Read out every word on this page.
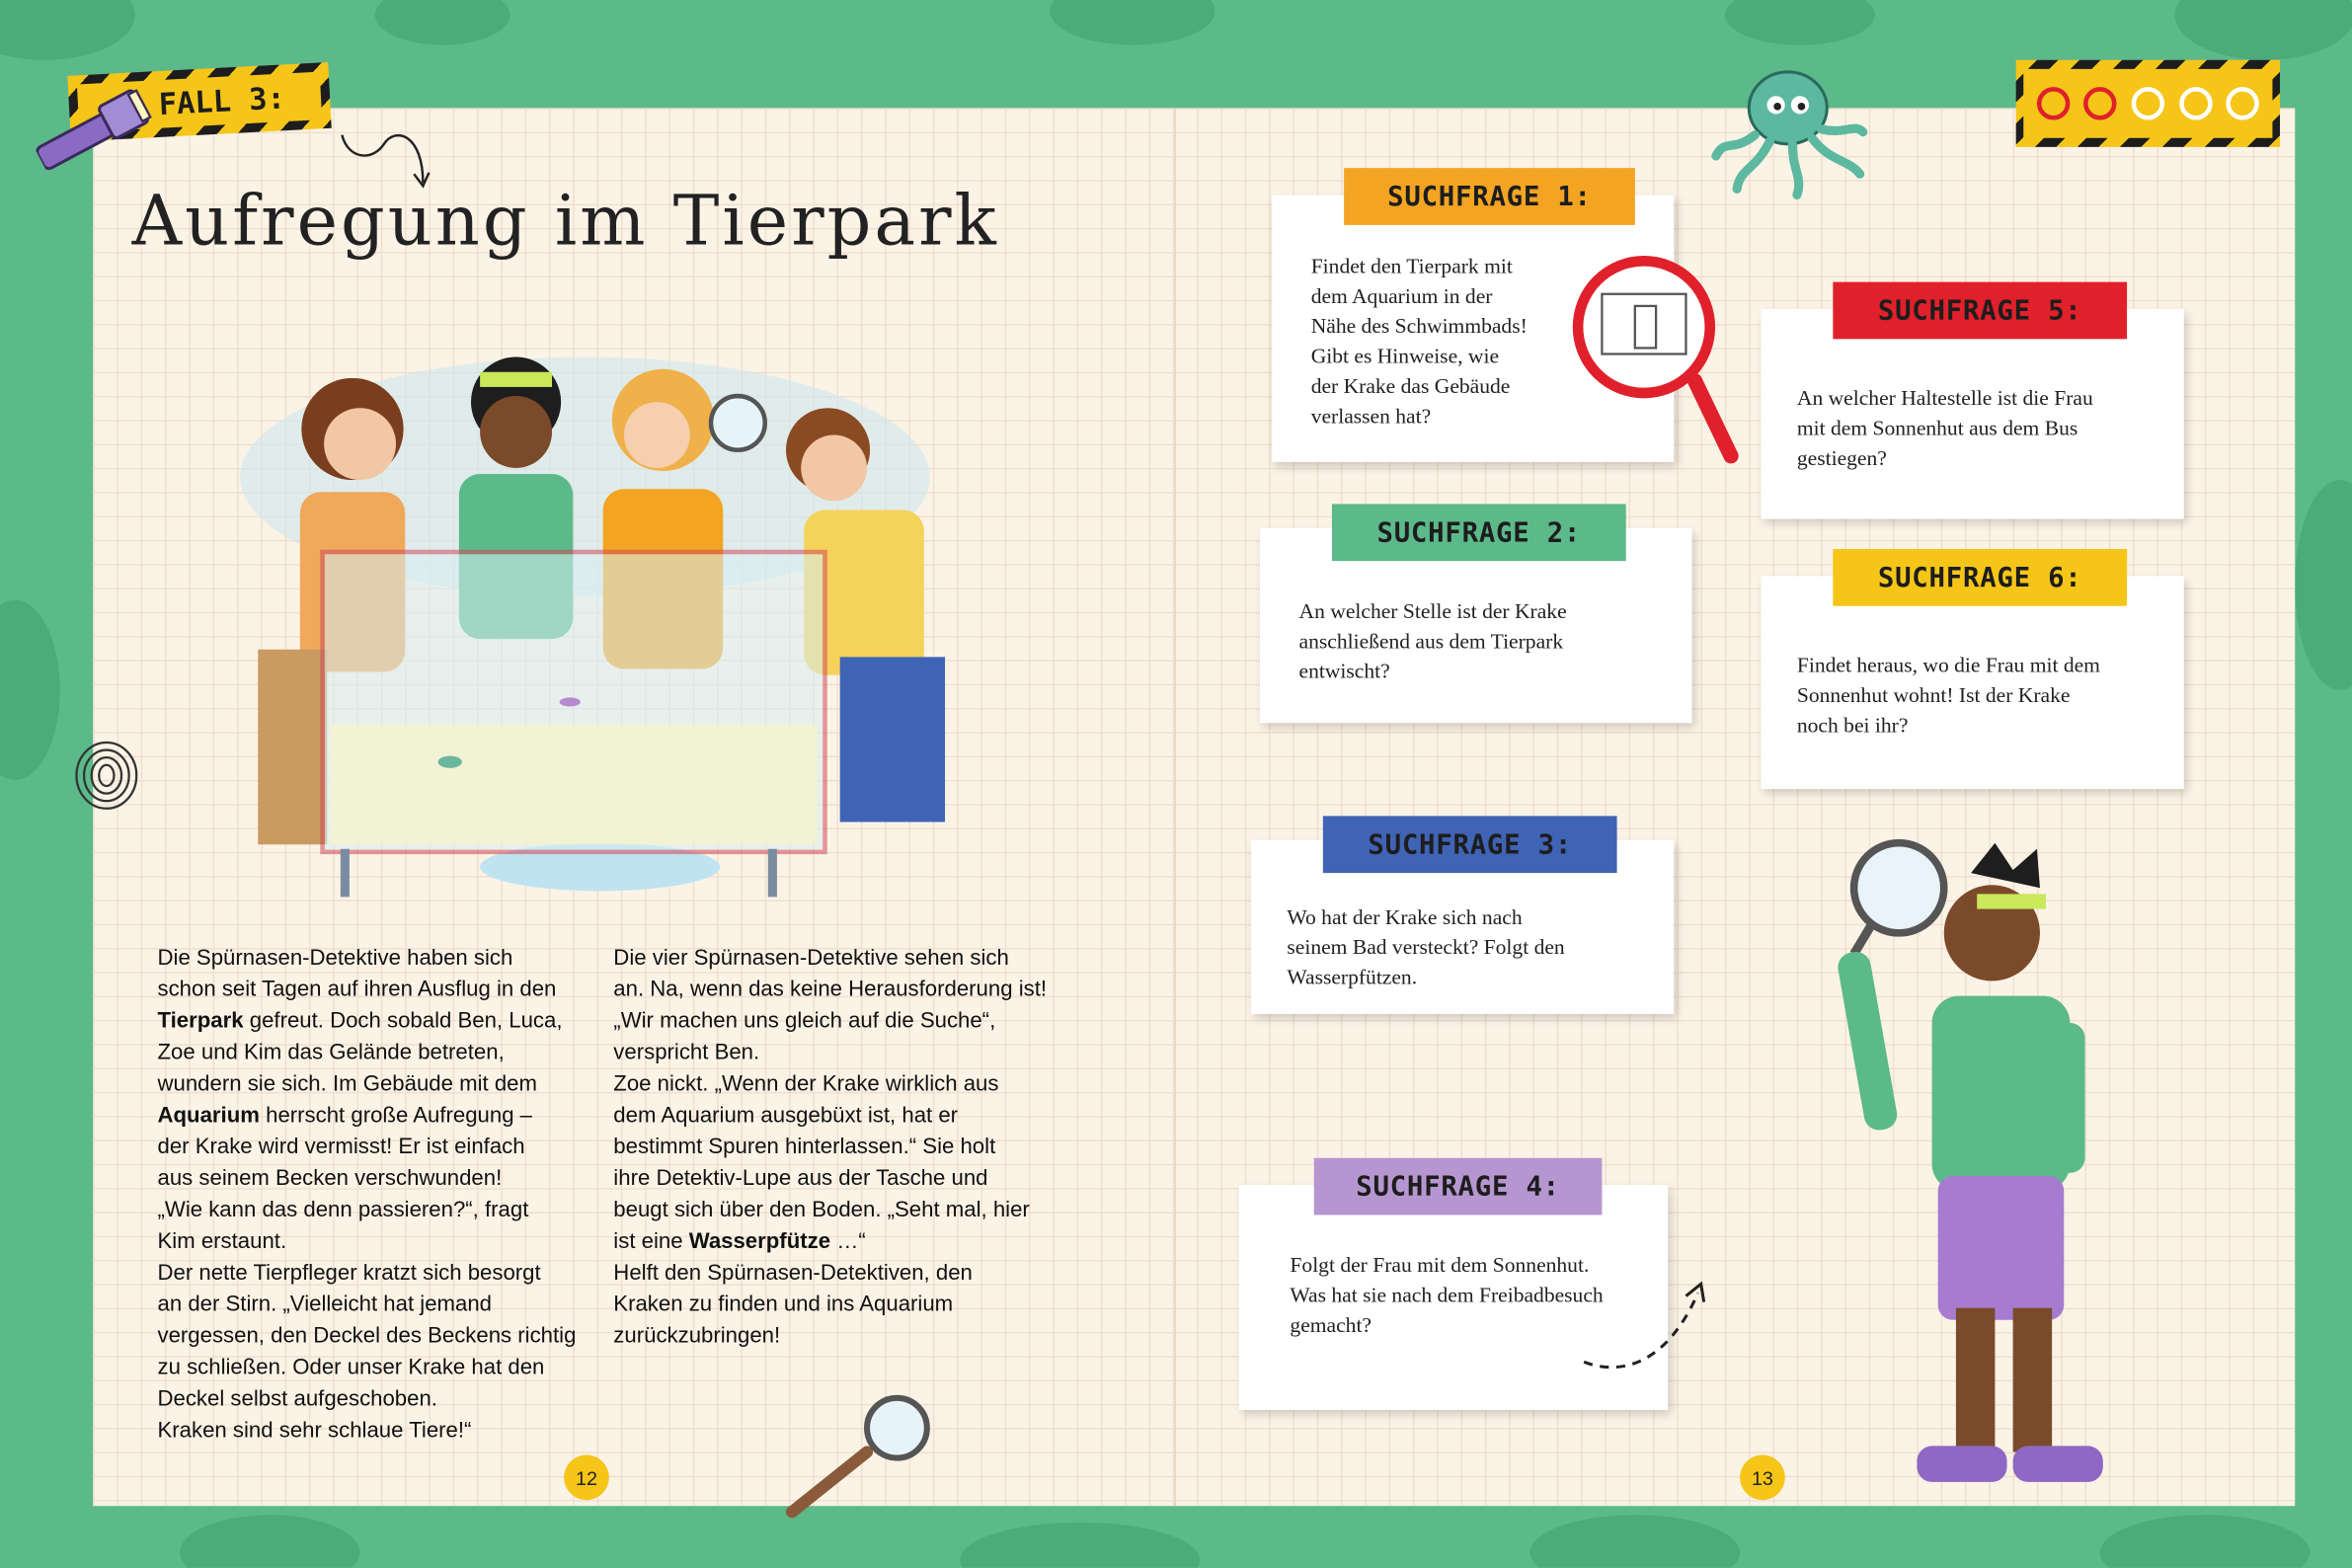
FALL 3:
Aufregung im Tierpark

Die Spürnasen-Detektive haben sich

schon seit Tagen auf ihren Ausflug in den

Tierpark gefreut. Doch sobald Ben, Luca,

Zoe und Kim das Gelände betreten,

wundern sie sich. Im Gebäude mit dem

Aquarium herrscht große Aufregung –

der Krake wird vermisst! Er ist einfach

aus seinem Becken verschwunden!

„Wie kann das denn passieren?“, fragt

Kim erstaunt.

Der nette Tierpfleger kratzt sich besorgt

an der Stirn. „Vielleicht hat jemand

vergessen, den Deckel des Beckens richtig

zu schließen. Oder unser Krake hat den

Deckel selbst aufgeschoben.

Kraken sind sehr schlaue Tiere!“

Die vier Spürnasen-Detektive sehen sich

an. Na, wenn das keine Herausforderung ist!

„Wir machen uns gleich auf die Suche“,

verspricht Ben.

Zoe nickt. „Wenn der Krake wirklich aus

dem Aquarium ausgebüxt ist, hat er

bestimmt Spuren hinterlassen.“ Sie holt

ihre Detektiv-Lupe aus der Tasche und

beugt sich über den Boden. „Seht mal, hier

ist eine Wasserpfütze …“

Helft den Spürnasen-Detektiven, den

Kraken zu finden und ins Aquarium

zurückzubringen!

12	13
Findet den Tierpark mit
dem Aquarium in der
Nähe des Schwimmbads!
Gibt es Hinweise, wie
der Krake das Gebäude
verlassen hat?
SUCHFRAGE 1:
An welcher Stelle ist der Krake
anschließend aus dem Tierpark
entwischt?
SUCHFRAGE 2:
Wo hat der Krake sich nach
seinem Bad versteckt? Folgt den
Wasserpfützen.
SUCHFRAGE 3:
Folgt der Frau mit dem Sonnenhut.
Was hat sie nach dem Freibadbesuch
gemacht?
SUCHFRAGE 4:
An welcher Haltestelle ist die Frau
mit dem Sonnenhut aus dem Bus
gestiegen?
SUCHFRAGE 5:
Findet heraus, wo die Frau mit dem
Sonnenhut wohnt! Ist der Krake
noch bei ihr?
SUCHFRAGE 6:
